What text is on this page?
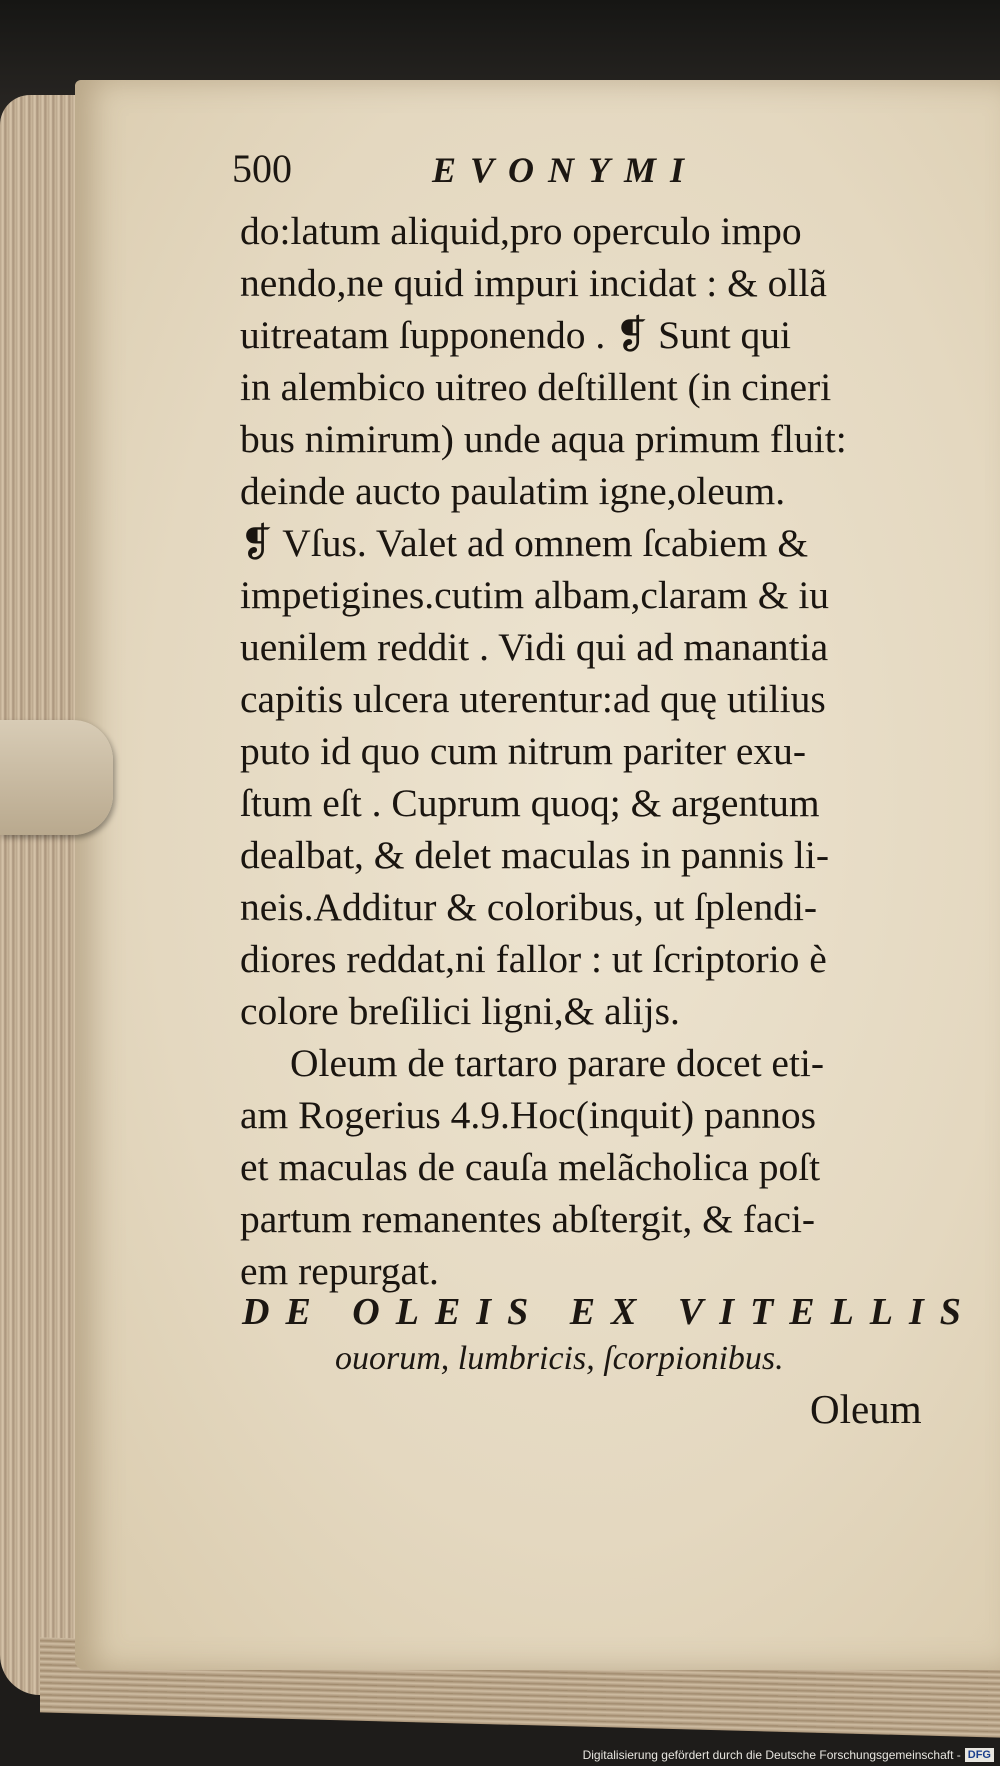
500	EVONYMI
do:latum aliquid,pro operculo impo
nendo,ne quid impuri incidat : & ollã
uitreatam ſupponendo . ❡ Sunt qui
in alembico uitreo deſtillent (in cineri
bus nimirum) unde aqua primum fluit:
deinde aucto paulatim igne,oleum.
❡ Vſus. Valet ad omnem ſcabiem &
impetigines.cutim albam,claram & iu
uenilem reddit . Vidi qui ad manantia
capitis ulcera uterentur:ad quę utilius
puto id quo cum nitrum pariter exu-
ſtum eſt . Cuprum quoq; & argentum
dealbat, & delet maculas in pannis li-
neis.Additur & coloribus, ut ſplendi-
diores reddat,ni fallor : ut ſcriptorio è
colore breſilici ligni,& alijs.
Oleum de tartaro parare docet eti-
am Rogerius 4.9.Hoc(inquit) pannos
et maculas de cauſa melãcholica poſt
partum remanentes abſtergit, & faci-
em repurgat.
DE OLEIS EX VITELLIS
ouorum, lumbricis, ſcorpionibus.
Oleum
Digitalisierung gefördert durch die Deutsche Forschungsgemeinschaft - DFG
